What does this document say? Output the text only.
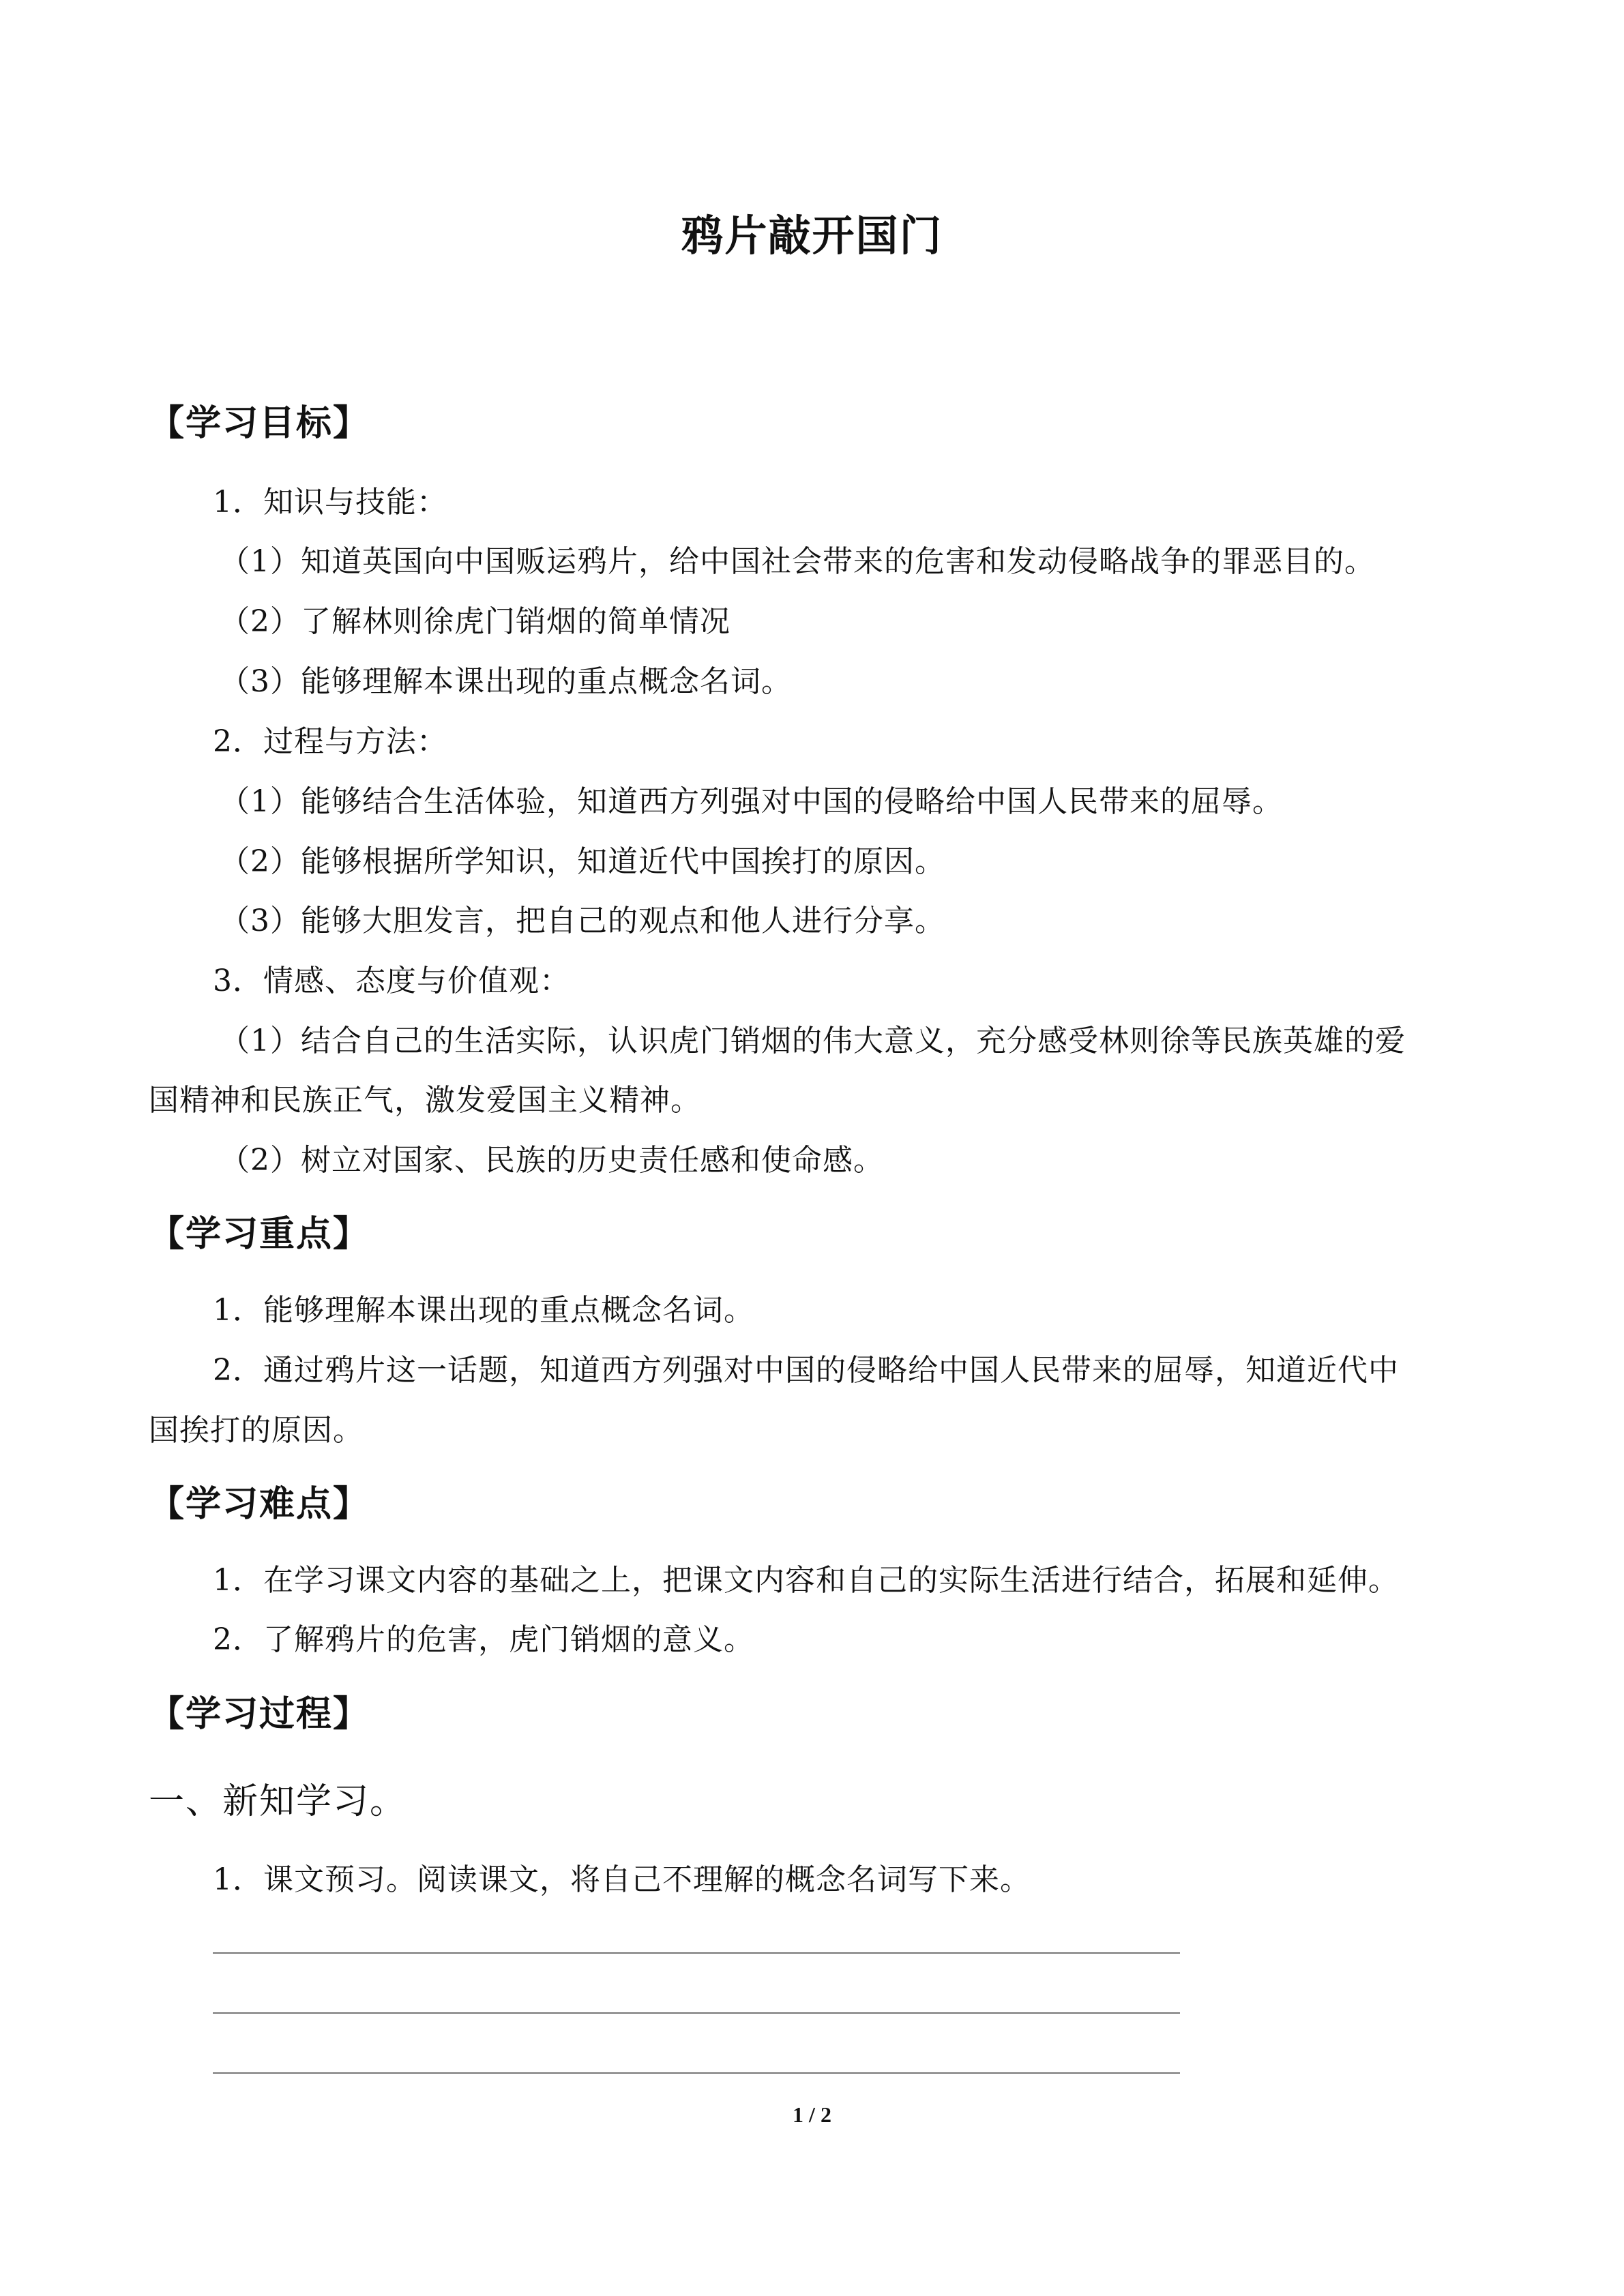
鸦片敲开国门
【学习目标】
1．知识与技能：
（1）知道英国向中国贩运鸦片，给中国社会带来的危害和发动侵略战争的罪恶目的。
（2）了解林则徐虎门销烟的简单情况
（3）能够理解本课出现的重点概念名词。
2．过程与方法：
（1）能够结合生活体验，知道西方列强对中国的侵略给中国人民带来的屈辱。
（2）能够根据所学知识，知道近代中国挨打的原因。
（3）能够大胆发言，把自己的观点和他人进行分享。
3．情感、态度与价值观：
（1）结合自己的生活实际，认识虎门销烟的伟大意义，充分感受林则徐等民族英雄的爱
国精神和民族正气，激发爱国主义精神。
（2）树立对国家、民族的历史责任感和使命感。
【学习重点】
1．能够理解本课出现的重点概念名词。
2．通过鸦片这一话题，知道西方列强对中国的侵略给中国人民带来的屈辱，知道近代中
国挨打的原因。
【学习难点】
1．在学习课文内容的基础之上，把课文内容和自己的实际生活进行结合，拓展和延伸。
2．了解鸦片的危害，虎门销烟的意义。
【学习过程】
一、新知学习。
1．课文预习。阅读课文，将自己不理解的概念名词写下来。
1 / 2
